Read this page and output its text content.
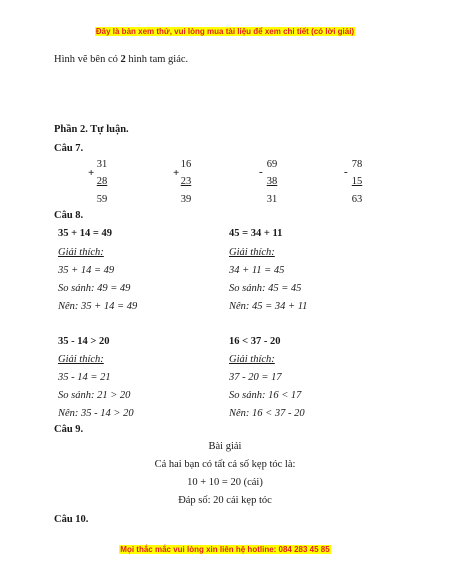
Đây là bản xem thử, vui lòng mua tài liệu để xem chi tiết (có lời giải)
Hình vẽ bên có 2 hình tam giác.
Phần 2. Tự luận.
Câu 7.
+
31
28
59
+
16
23
39
-
69
38
31
-
78
15
63
Câu 8.
35 + 14 = 49
Giải thích:
35 + 14 = 49
So sánh: 49 = 49
Nên: 35 + 14 = 49
45 = 34 + 11
Giải thích:
34 + 11 = 45
So sánh: 45 = 45
Nên: 45 = 34 + 11
35 - 14 > 20
Giải thích:
35 - 14 = 21
So sánh: 21 > 20
Nên: 35 - 14 > 20
16 < 37 - 20
Giải thích:
37 - 20 = 17
So sánh: 16 < 17
Nên: 16 < 37 - 20
Câu 9.
Bài giải
Cả hai bạn có tất cả số kẹp tóc là:
10 + 10 = 20 (cái)
Đáp số: 20 cái kẹp tóc
Câu 10.
Mọi thắc mắc vui lòng xin liên hệ hotline: 084 283 45 85
